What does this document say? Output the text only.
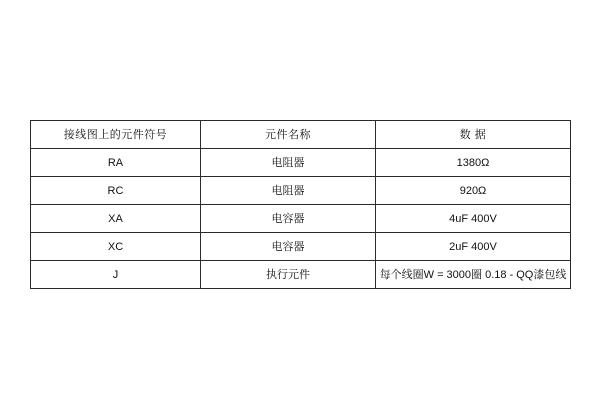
接线图上的元件符号	元件名称	数 据
RA	电阻器	1380Ω
RC	电阻器	920Ω
XA	电容器	4uF 400V
XC	电容器	2uF 400V
J	执行元件	每个线圈W = 3000圈 0.18 - QQ漆包线
